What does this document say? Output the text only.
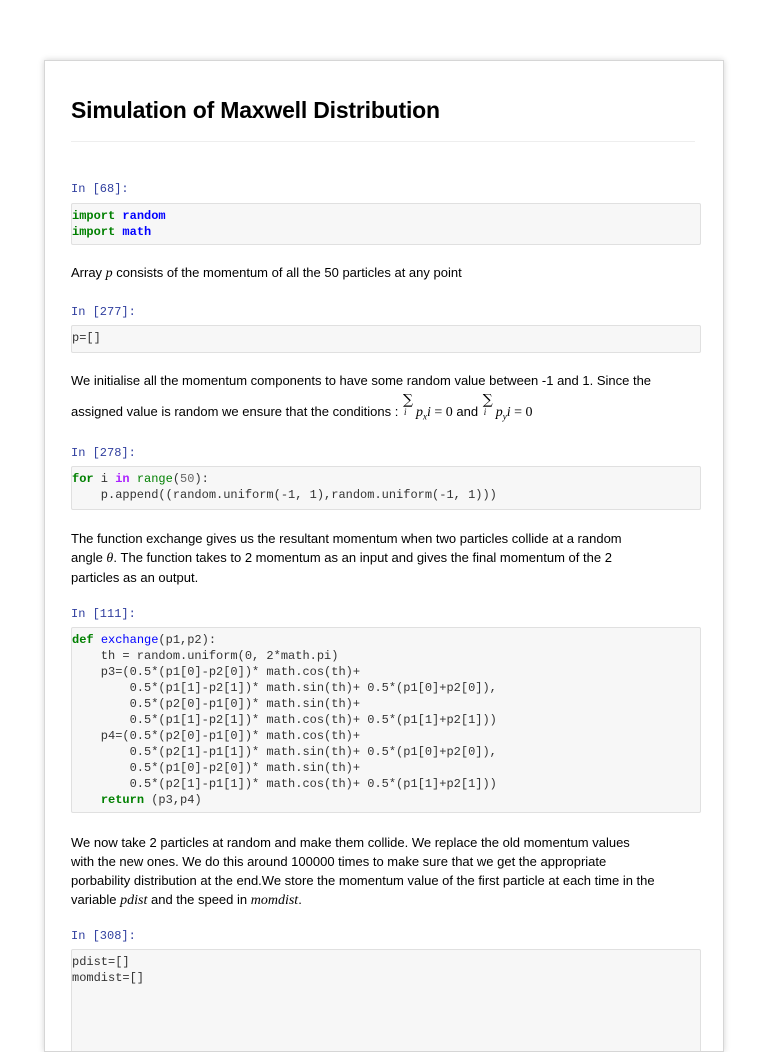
Simulation of Maxwell Distribution
In [68]:
import random
import math
Array p consists of the momentum of all the 50 particles at any point
In [277]:
p=[]
We initialise all the momentum components to have some random value between -1 and 1. Since the
assigned value is random we ensure that the conditions :
∑
i $p_xi = 0$ and
∑
i $p_yi = 0$
In [278]:
for i in range(50):
p.append((random.uniform(-1, 1),random.uniform(-1, 1)))
The function exchange gives us the resultant momentum when two particles collide at a random
angle θ. The function takes to 2 momentum as an input and gives the final momentum of the 2
particles as an output.
In [111]:
def exchange(p1,p2):
th = random.uniform(0, 2*math.pi)
p3=(0.5*(p1[0]-p2[0])* math.cos(th)+
0.5*(p1[1]-p2[1])* math.sin(th)+ 0.5*(p1[0]+p2[0]),
0.5*(p2[0]-p1[0])* math.sin(th)+
0.5*(p1[1]-p2[1])* math.cos(th)+ 0.5*(p1[1]+p2[1]))
p4=(0.5*(p2[0]-p1[0])* math.cos(th)+
0.5*(p2[1]-p1[1])* math.sin(th)+ 0.5*(p1[0]+p2[0]),
0.5*(p1[0]-p2[0])* math.sin(th)+
0.5*(p2[1]-p1[1])* math.cos(th)+ 0.5*(p1[1]+p2[1]))
return (p3,p4)
We now take 2 particles at random and make them collide. We replace the old momentum values
with the new ones. We do this around 100000 times to make sure that we get the appropriate
porbability distribution at the end.We store the momentum value of the first particle at each time in the
variable pdist and the speed in momdist.
In [308]:
pdist=[]
momdist=[]
